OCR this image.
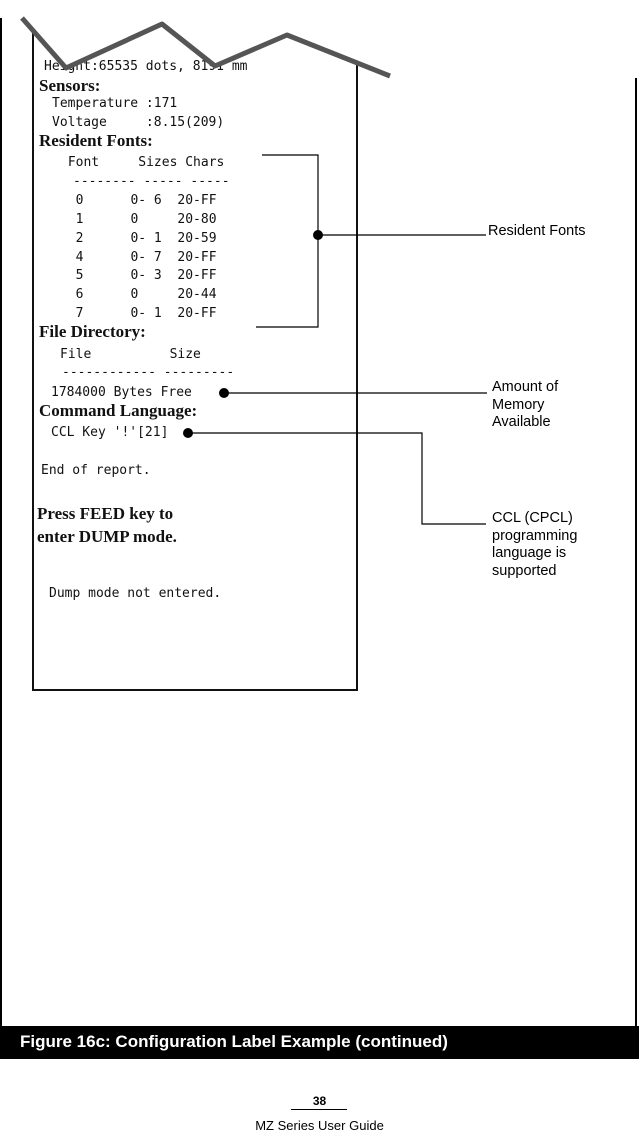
Height:65535 dots, 8191 mm
Sensors:
Temperature :171
Voltage     :8.15(209)
Resident Fonts:
Font     Sizes Chars
-------- ----- -----
0      0- 6  20-FF
1      0     20-80
2      0- 1  20-59
4      0- 7  20-FF
5      0- 3  20-FF
6      0     20-44
7      0- 1  20-FF
File Directory:
File          Size
------------ ---------
1784000 Bytes Free
Command Language:
CCL Key '!'[21]
End of report.
Press FEED key to
enter DUMP mode.
Dump mode not entered.
Resident Fonts
Amount of
Memory
Available
CCL (CPCL)
programming
language is
supported
Figure 16c: Configuration Label Example (continued)
38
MZ Series User Guide
